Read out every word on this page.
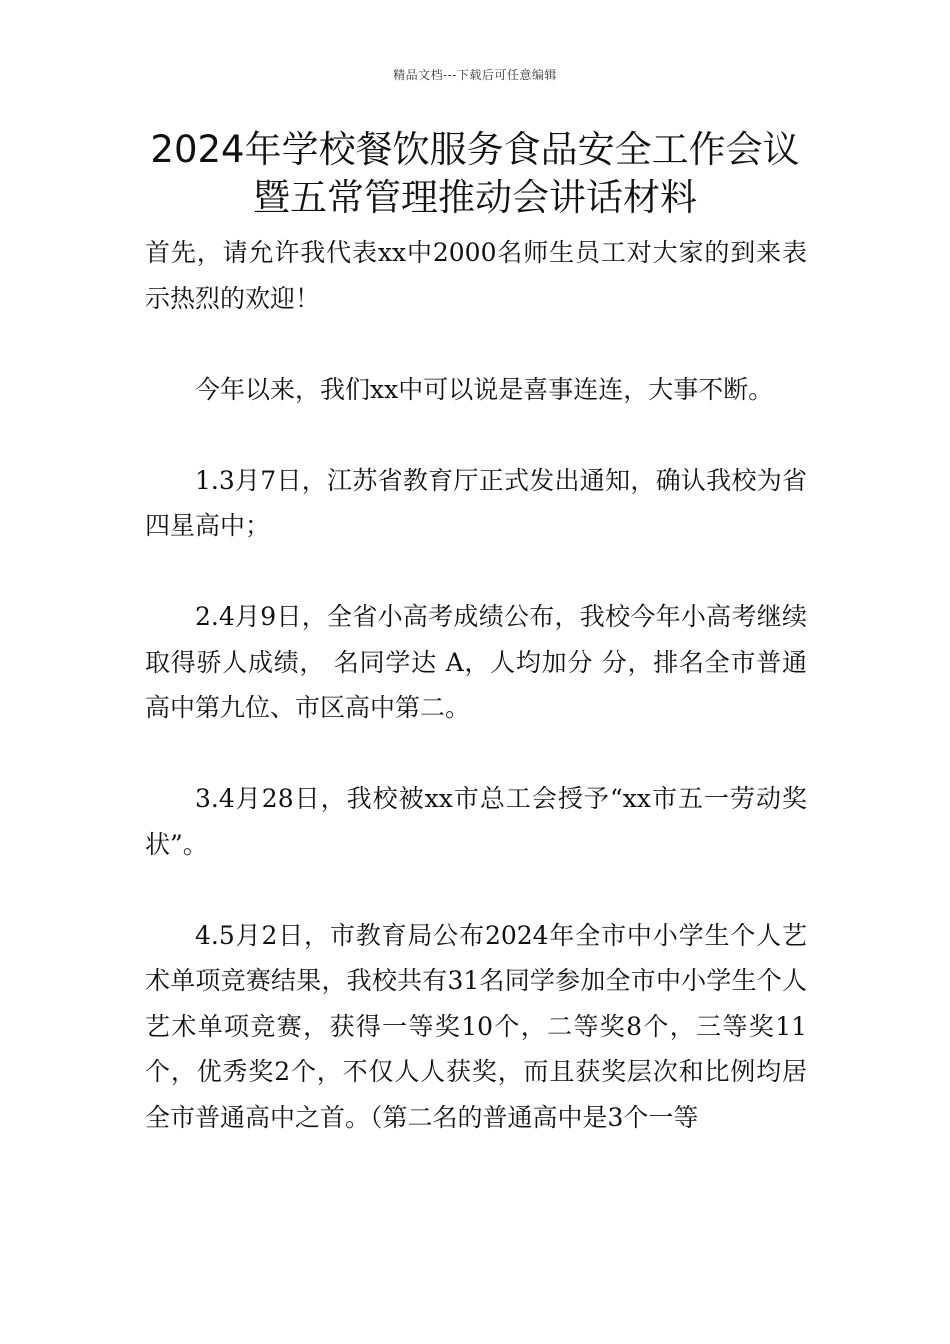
精品文档---下载后可任意编辑
2024年学校餐饮服务食品安全工作会议
暨五常管理推动会讲话材料

首先，请允许我代表xx中2000名师生员工对大家的到来表示热烈的欢迎！

今年以来，我们xx中可以说是喜事连连，大事不断。

1.3月7日，江苏省教育厅正式发出通知，确认我校为省四星高中；

2.4月9日，全省小高考成绩公布，我校今年小高考继续取得骄人成绩， 名同学达 A，人均加分 分，排名全市普通高中第九位、市区高中第二。

3.4月28日，我校被xx市总工会授予“xx市五一劳动奖状”。

4.5月2日，市教育局公布2024年全市中小学生个人艺术单项竞赛结果，我校共有31名同学参加全市中小学生个人艺术单项竞赛，获得一等奖10个，二等奖8个，三等奖11个，优秀奖2个，不仅人人获奖，而且获奖层次和比例均居全市普通高中之首。（第二名的普通高中是3个一等
